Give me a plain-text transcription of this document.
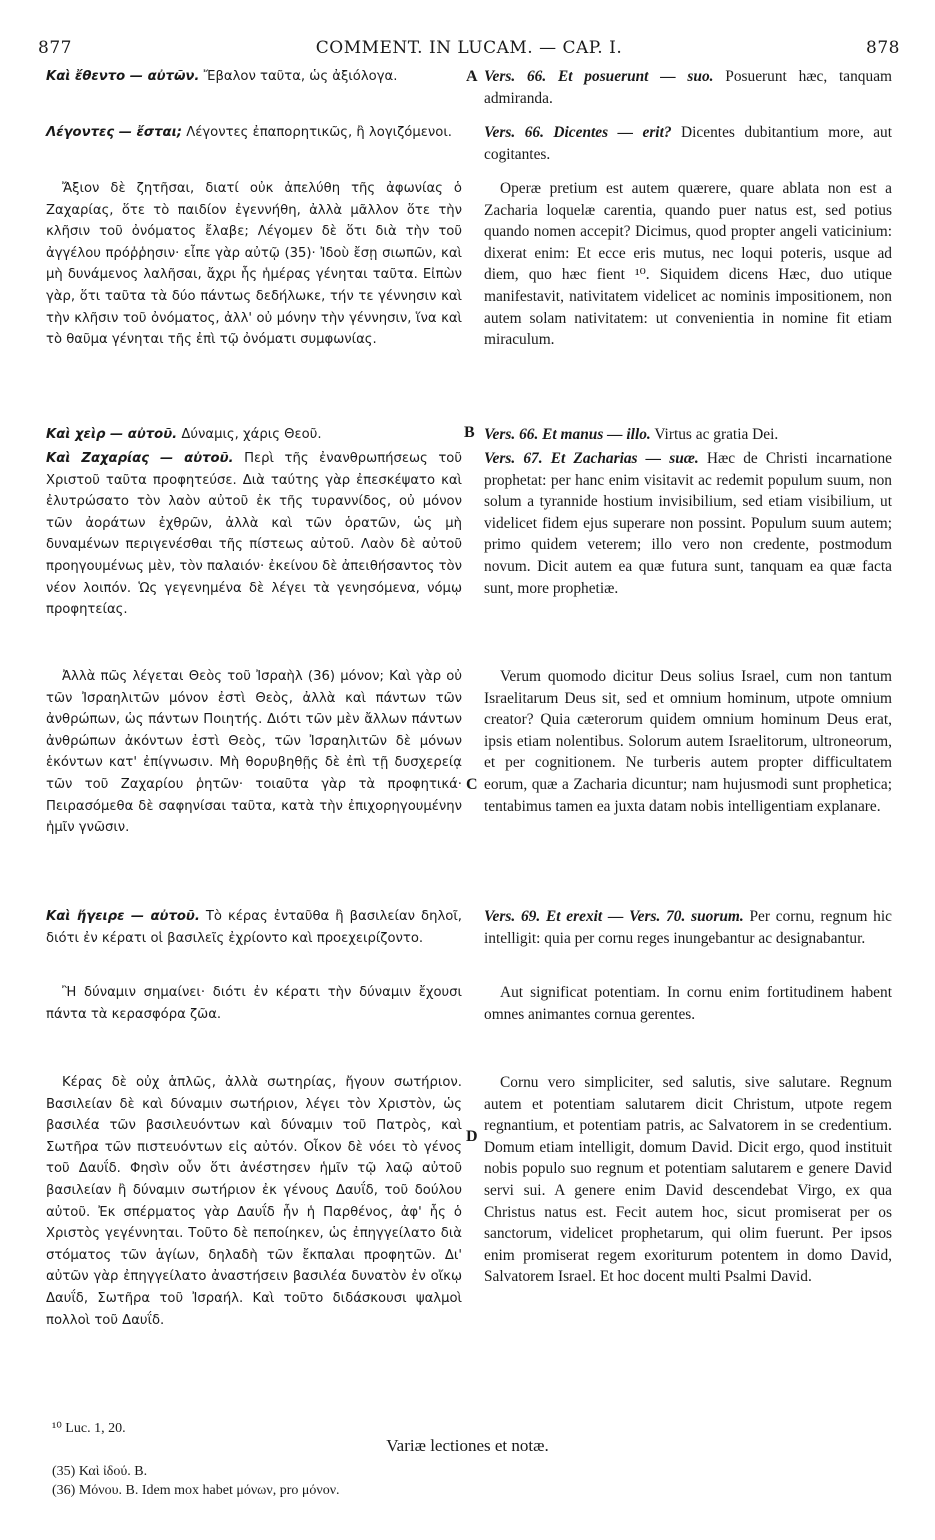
877	COMMENT. IN LUCAM. — CAP. I.	878

Καὶ ἔθεντο — αὐτῶν. Ἔβαλον ταῦτα, ὡς ἀξιόλογα.

Λέγοντες — ἔσται; Λέγοντες ἐπαπορητικῶς, ἢ λογιζόμενοι.

Ἄξιον δὲ ζητῆσαι, διατί οὐκ ἀπελύθη τῆς ἀφωνίας ὁ Ζαχαρίας, ὅτε τὸ παιδίον ἐγεννήθη, ἀλλὰ μᾶλλον ὅτε τὴν κλῆσιν τοῦ ὀνόματος ἔλαβε; Λέγομεν δὲ ὅτι διὰ τὴν τοῦ ἀγγέλου πρόῤῥησιν· εἶπε γὰρ αὐτῷ (35)· Ἰδοὺ ἔσῃ σιωπῶν, καὶ μὴ δυνάμενος λαλῆσαι, ἄχρι ἧς ἡμέρας γένηται ταῦτα. Εἰπὼν γὰρ, ὅτι ταῦτα τὰ δύο πάντως δεδήλωκε, τήν τε γέννησιν καὶ τὴν κλῆσιν τοῦ ὀνόματος, ἀλλ' οὐ μόνην τὴν γέννησιν, ἵνα καὶ τὸ θαῦμα γένηται τῆς ἐπὶ τῷ ὀνόματι συμφωνίας.

Καὶ χεὶρ — αὐτοῦ. Δύναμις, χάρις Θεοῦ.

Καὶ Ζαχαρίας — αὐτοῦ. Περὶ τῆς ἐνανθρωπήσεως τοῦ Χριστοῦ ταῦτα προφητεύσε. Διὰ ταύτης γὰρ ἐπεσκέψατο καὶ ἐλυτρώσατο τὸν λαὸν αὐτοῦ ἐκ τῆς τυραννίδος, οὐ μόνον τῶν ἀοράτων ἐχθρῶν, ἀλλὰ καὶ τῶν ὁρατῶν, ὡς μὴ δυναμένων περιγενέσθαι τῆς πίστεως αὐτοῦ. Λαὸν δὲ αὐτοῦ προηγουμένως μὲν, τὸν παλαιόν· ἐκείνου δὲ ἀπειθήσαντος τὸν νέον λοιπόν. Ὡς γεγενημένα δὲ λέγει τὰ γενησόμενα, νόμῳ προφητείας.

Ἀλλὰ πῶς λέγεται Θεὸς τοῦ Ἰσραὴλ (36) μόνον; Καὶ γὰρ οὐ τῶν Ἰσραηλιτῶν μόνον ἐστὶ Θεὸς, ἀλλὰ καὶ πάντων τῶν ἀνθρώπων, ὡς πάντων Ποιητής. Διότι τῶν μὲν ἄλλων πάντων ἀνθρώπων ἀκόντων ἐστὶ Θεὸς, τῶν Ἰσραηλιτῶν δὲ μόνων ἑκόντων κατ' ἐπίγνωσιν. Μὴ θορυβηθῇς δὲ ἐπὶ τῇ δυσχερείᾳ τῶν τοῦ Ζαχαρίου ῥητῶν· τοιαῦτα γὰρ τὰ προφητικά· Πειρασόμεθα δὲ σαφηνίσαι ταῦτα, κατὰ τὴν ἐπιχορηγουμένην ἡμῖν γνῶσιν.

Καὶ ἤγειρε — αὐτοῦ. Τὸ κέρας ἐνταῦθα ἢ βασιλείαν δηλοῖ, διότι ἐν κέρατι οἱ βασιλεῖς ἐχρίοντο καὶ προεχειρίζοντο.

Ἢ δύναμιν σημαίνει· διότι ἐν κέρατι τὴν δύναμιν ἔχουσι πάντα τὰ κερασφόρα ζῶα.

Κέρας δὲ οὐχ ἁπλῶς, ἀλλὰ σωτηρίας, ἤγουν σωτήριον. Βασιλείαν δὲ καὶ δύναμιν σωτήριον, λέγει τὸν Χριστὸν, ὡς βασιλέα τῶν βασιλευόντων καὶ δύναμιν τοῦ Πατρὸς, καὶ Σωτῆρα τῶν πιστευόντων εἰς αὐτόν. Οἶκον δὲ νόει τὸ γένος τοῦ Δαυΐδ. Φησὶν οὖν ὅτι ἀνέστησεν ἡμῖν τῷ λαῷ αὐτοῦ βασιλείαν ἢ δύναμιν σωτήριον ἐκ γένους Δαυΐδ, τοῦ δούλου αὐτοῦ. Ἐκ σπέρματος γὰρ Δαυΐδ ἦν ἡ Παρθένος, ἀφ' ἧς ὁ Χριστὸς γεγέννηται. Τοῦτο δὲ πεποίηκεν, ὡς ἐπηγγείλατο διὰ στόματος τῶν ἁγίων, δηλαδὴ τῶν ἔκπαλαι προφητῶν. Δι' αὐτῶν γὰρ ἐπηγγείλατο ἀναστήσειν βασιλέα δυνατὸν ἐν οἴκῳ Δαυΐδ, Σωτῆρα τοῦ Ἰσραήλ. Καὶ τοῦτο διδάσκουσι ψαλμοὶ πολλοὶ τοῦ Δαυΐδ.

A
B
C
D

Vers. 66. Et posuerunt — suo. Posuerunt hæc, tanquam admiranda.

Vers. 66. Dicentes — erit? Dicentes dubitantium more, aut cogitantes.

Operæ pretium est autem quærere, quare ablata non est a Zacharia loquelæ carentia, quando puer natus est, sed potius quando nomen accepit? Dicimus, quod propter angeli vaticinium: dixerat enim: Et ecce eris mutus, nec loqui poteris, usque ad diem, quo hæc fient ¹⁰. Siquidem dicens Hæc, duo utique manifestavit, nativitatem videlicet ac nominis impositionem, non autem solam nativitatem: ut convenientia in nomine fit etiam miraculum.

Vers. 66. Et manus — illo. Virtus ac gratia Dei.

Vers. 67. Et Zacharias — suæ. Hæc de Christi incarnatione prophetat: per hanc enim visitavit ac redemit populum suum, non solum a tyrannide hostium invisibilium, sed etiam visibilium, ut videlicet fidem ejus superare non possint. Populum suum autem; primo quidem veterem; illo vero non credente, postmodum novum. Dicit autem ea quæ futura sunt, tanquam ea quæ facta sunt, more prophetiæ.

Verum quomodo dicitur Deus solius Israel, cum non tantum Israelitarum Deus sit, sed et omnium hominum, utpote omnium creator? Quia cæterorum quidem omnium hominum Deus erat, ipsis etiam nolentibus. Solorum autem Israelitorum, ultroneorum, et per cognitionem. Ne turberis autem propter difficultatem eorum, quæ a Zacharia dicuntur; nam hujusmodi sunt prophetica; tentabimus tamen ea juxta datam nobis intelligentiam explanare.

Vers. 69. Et erexit — Vers. 70. suorum. Per cornu, regnum hic intelligit: quia per cornu reges inungebantur ac designabantur.

Aut significat potentiam. In cornu enim fortitudinem habent omnes animantes cornua gerentes.

Cornu vero simpliciter, sed salutis, sive salutare. Regnum autem et potentiam salutarem dicit Christum, utpote regem regnantium, et potentiam patris, ac Salvatorem in se credentium. Domum etiam intelligit, domum David. Dicit ergo, quod instituit nobis populo suo regnum et potentiam salutarem e genere David servi sui. A genere enim David descendebat Virgo, ex qua Christus natus est. Fecit autem hoc, sicut promiserat per os sanctorum, videlicet prophetarum, qui olim fuerunt. Per ipsos enim promiserat regem exoriturum potentem in domo David, Salvatorem Israel. Et hoc docent multi Psalmi David.

¹⁰ Luc. 1, 20.
Variæ lectiones et notæ.
(35) Καὶ ἰδού. B.
(36) Μόνου. B. Idem mox habet μόνων, pro μόνον.
